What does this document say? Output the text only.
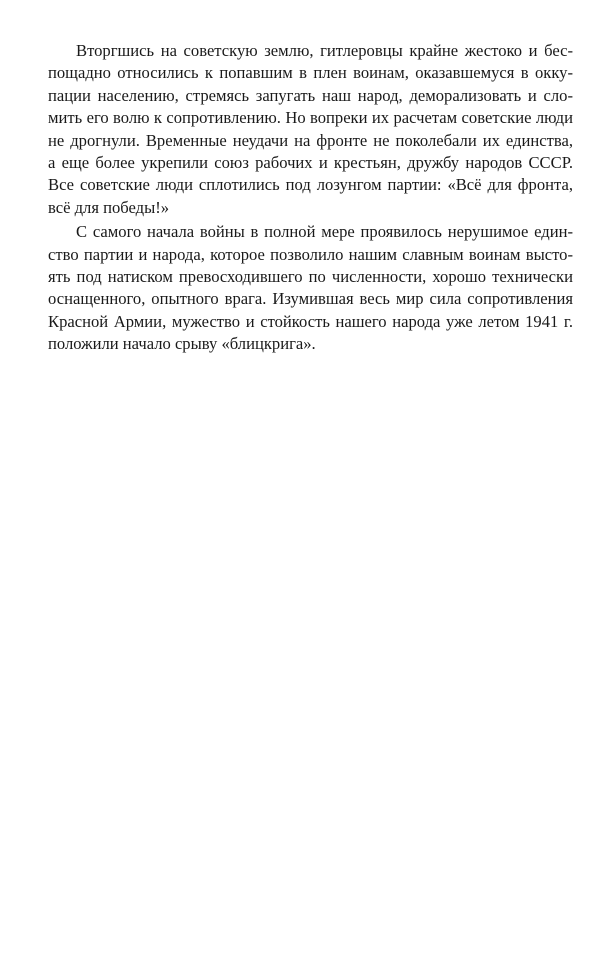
Вторгшись на советскую землю, гитлеровцы крайне жестоко и бес-
пощадно относились к попавшим в плен воинам, оказавшемуся в окку-
пации населению, стремясь запугать наш народ, деморализовать и сло-
мить его волю к сопротивлению. Но вопреки их расчетам советские люди
не дрогнули. Временные неудачи на фронте не поколебали их единства,
а еще более укрепили союз рабочих и крестьян, дружбу народов СССР.
Все советские люди сплотились под лозунгом партии: «Всё для фронта,
всё для победы!»
С самого начала войны в полной мере проявилось нерушимое един-
ство партии и народа, которое позволило нашим славным воинам высто-
ять под натиском превосходившего по численности, хорошо технически
оснащенного, опытного врага. Изумившая весь мир сила сопротивления
Красной Армии, мужество и стойкость нашего народа уже летом 1941 г.
положили начало срыву «блицкрига».
